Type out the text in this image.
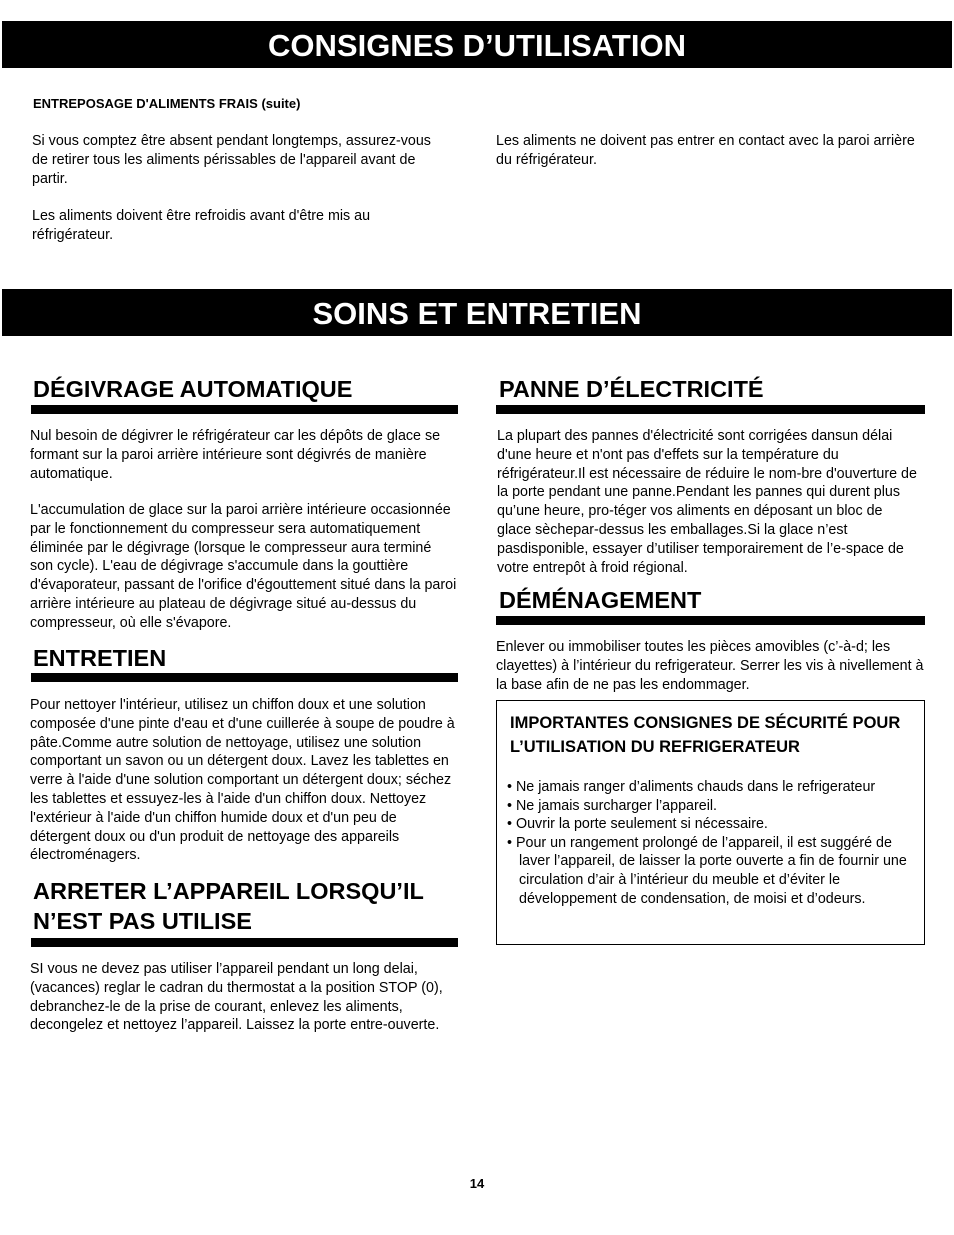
CONSIGNES D’UTILISATION
ENTREPOSAGE D'ALIMENTS FRAIS (suite)

Si vous comptez être absent pendant longtemps, assurez-vous de retirer tous les aliments périssables de l'appareil avant de partir.

Les aliments doivent être refroidis avant d'être mis au réfrigérateur.

Les aliments ne doivent pas entrer en contact avec la paroi arrière du réfrigérateur.

SOINS ET ENTRETIEN
DÉGIVRAGE AUTOMATIQUE

Nul besoin de dégivrer le réfrigérateur car les dépôts de glace se formant sur la paroi arrière intérieure sont dégivrés de manière automatique.

L'accumulation de glace sur la paroi arrière intérieure occasionnée par le fonctionnement du compresseur sera automatiquement éliminée par le dégivrage (lorsque le compresseur aura terminé son cycle). L'eau de dégivrage s'accumule dans la gouttière d'évaporateur, passant de l'orifice d'égouttement situé dans la paroi arrière intérieure au plateau de dégivrage situé au-dessus du compresseur, où elle s'évapore.

ENTRETIEN

Pour nettoyer l'intérieur, utilisez un chiffon doux et une solution composée d'une pinte d'eau et d'une cuillerée à soupe de poudre à pâte.Comme autre solution de nettoyage, utilisez une solution comportant un savon ou un détergent doux. Lavez les tablettes en verre à l'aide d'une solution comportant un détergent doux; séchez les tablettes et essuyez-les à l'aide d'un chiffon doux. Nettoyez l'extérieur à l'aide d'un chiffon humide doux et d'un peu de détergent doux ou d'un produit de nettoyage des appareils électroménagers.

ARRETER L’APPAREIL LORSQU’IL N’EST PAS UTILISE

SI vous ne devez pas utiliser l’appareil pendant un long delai, (vacances) reglar le cadran du thermostat a la position STOP (0), debranchez-le de la prise de courant, enlevez les aliments, decongelez et nettoyez l’appareil. Laissez la porte entre-ouverte.

PANNE D’ÉLECTRICITÉ

La plupart des pannes d'électricité sont corrigées dansun délai d'une heure et n'ont pas d'effets sur la température du réfrigérateur.Il est nécessaire de réduire le nom-bre d'ouverture de la porte pendant une panne.Pendant les pannes qui durent plus qu’une heure, pro-téger vos aliments en déposant un bloc de glace sèchepar-dessus les emballages.Si la glace n’est pasdisponible, essayer d’utiliser temporairement de l’e-space de votre entrepôt à froid régional.

DÉMÉNAGEMENT

Enlever ou immobiliser toutes les pièces amovibles (c’-à-d; les clayettes) à l’intérieur du refrigerateur. Serrer les vis à nivellement à la base afin de ne pas les endommager.

IMPORTANTES CONSIGNES DE SÉCURITÉ POUR L’UTILISATION DU REFRIGERATEUR
• Ne jamais ranger d’aliments chauds dans le refrigerateur
• Ne jamais surcharger l’appareil.
• Ouvrir la porte seulement si nécessaire.
• Pour un rangement prolongé de l’appareil, il est suggéré de laver l’appareil, de laisser la porte ouverte a fin de fournir une circulation d’air à l’intérieur du meuble et d’éviter le développement de condensation, de moisi et d’odeurs.
14
